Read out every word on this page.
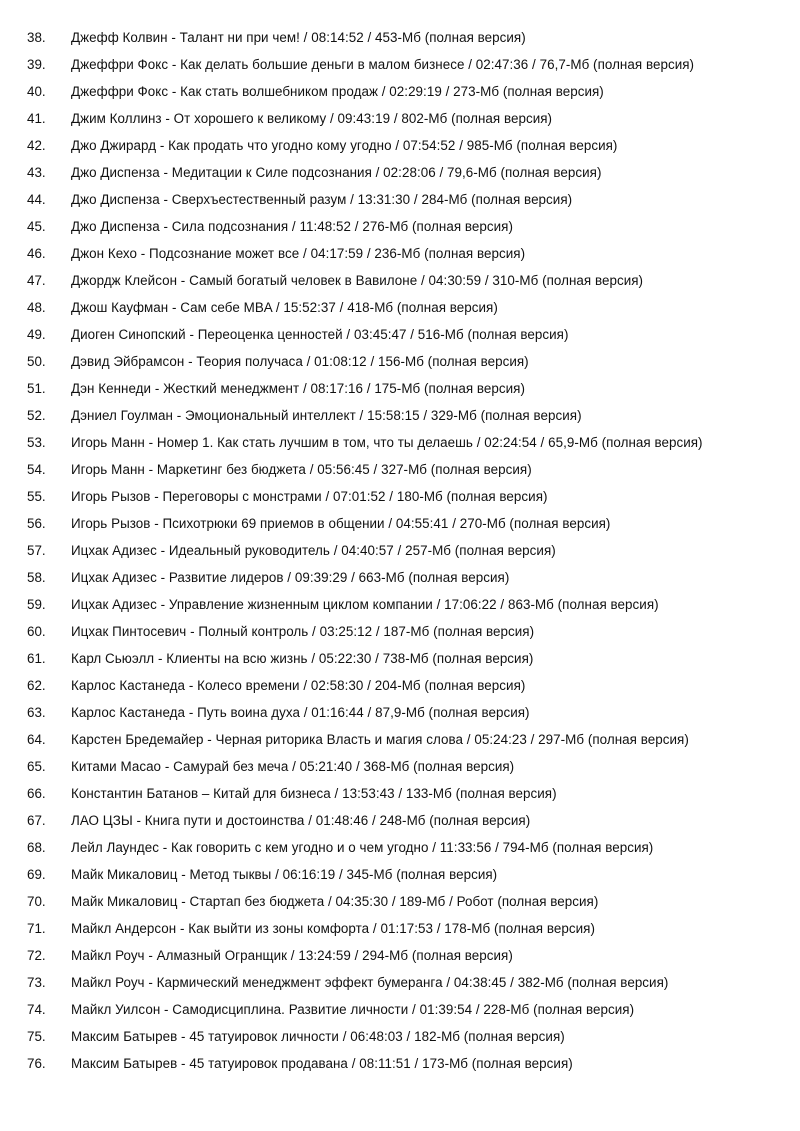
38.	Джефф Колвин - Талант ни при чем! / 08:14:52 / 453-Мб (полная версия)
39.	Джеффри Фокс - Как делать большие деньги в малом бизнесе / 02:47:36 / 76,7-Мб (полная версия)
40.	Джеффри Фокс - Как стать волшебником продаж / 02:29:19 / 273-Мб (полная версия)
41.	Джим Коллинз - От хорошего к великому / 09:43:19 / 802-Мб (полная версия)
42.	Джо Джирард - Как продать что угодно кому угодно / 07:54:52 / 985-Мб (полная версия)
43.	Джо Диспенза - Медитации к Силе подсознания / 02:28:06 / 79,6-Мб (полная версия)
44.	Джо Диспенза - Сверхъестественный разум / 13:31:30 / 284-Мб (полная версия)
45.	Джо Диспенза - Сила подсознания / 11:48:52 / 276-Мб (полная версия)
46.	Джон Кехо - Подсознание может все / 04:17:59 / 236-Мб (полная версия)
47.	Джордж Клейсон - Самый богатый человек в Вавилоне / 04:30:59 / 310-Мб (полная версия)
48.	Джош Кауфман - Сам себе MBA / 15:52:37 / 418-Мб (полная версия)
49.	Диоген Синопский - Переоценка ценностей / 03:45:47 / 516-Мб (полная версия)
50.	Дэвид Эйбрамсон - Теория получаса / 01:08:12 / 156-Мб (полная версия)
51.	Дэн Кеннеди - Жесткий менеджмент / 08:17:16 / 175-Мб (полная версия)
52.	Дэниел Гоулман - Эмоциональный интеллект / 15:58:15 / 329-Мб (полная версия)
53.	Игорь Манн - Номер 1. Как стать лучшим в том, что ты делаешь / 02:24:54 / 65,9-Мб (полная версия)
54.	Игорь Манн - Маркетинг без бюджета / 05:56:45 / 327-Мб (полная версия)
55.	Игорь Рызов - Переговоры с монстрами / 07:01:52 / 180-Мб (полная версия)
56.	Игорь Рызов - Психотрюки 69 приемов в общении / 04:55:41 / 270-Мб (полная версия)
57.	Ицхак Адизес - Идеальный руководитель / 04:40:57 / 257-Мб (полная версия)
58.	Ицхак Адизес - Развитие лидеров / 09:39:29 / 663-Мб (полная версия)
59.	Ицхак Адизес - Управление жизненным циклом компании / 17:06:22 / 863-Мб (полная версия)
60.	Ицхак Пинтосевич - Полный контроль / 03:25:12 / 187-Мб (полная версия)
61.	Карл Сьюэлл - Клиенты на всю жизнь / 05:22:30 / 738-Мб (полная версия)
62.	Карлос Кастанеда - Колесо времени / 02:58:30 / 204-Мб (полная версия)
63.	Карлос Кастанеда - Путь воина духа / 01:16:44 / 87,9-Мб (полная версия)
64.	Карстен Бредемайер - Черная риторика Власть и магия слова / 05:24:23 / 297-Мб (полная версия)
65.	Китами Масао - Самурай без меча / 05:21:40 / 368-Мб (полная версия)
66.	Константин Батанов – Китай для бизнеса / 13:53:43 / 133-Мб (полная версия)
67.	ЛАО ЦЗЫ - Книга пути и достоинства / 01:48:46 / 248-Мб (полная версия)
68.	Лейл Лаундес - Как говорить с кем угодно и о чем угодно / 11:33:56 / 794-Мб (полная версия)
69.	Майк Микаловиц - Метод тыквы / 06:16:19 / 345-Мб (полная версия)
70.	Майк Микаловиц - Стартап без бюджета / 04:35:30 / 189-Мб / Робот (полная версия)
71.	Майкл Андерсон - Как выйти из зоны комфорта / 01:17:53 / 178-Мб (полная версия)
72.	Майкл Роуч - Алмазный Огранщик / 13:24:59 / 294-Мб (полная версия)
73.	Майкл Роуч - Кармический менеджмент эффект бумеранга / 04:38:45 / 382-Мб (полная версия)
74.	Майкл Уилсон - Самодисциплина. Развитие личности / 01:39:54 / 228-Мб (полная версия)
75.	Максим Батырев - 45 татуировок личности / 06:48:03 / 182-Мб (полная версия)
76.	Максим Батырев - 45 татуировок продавана / 08:11:51 / 173-Мб (полная версия)
